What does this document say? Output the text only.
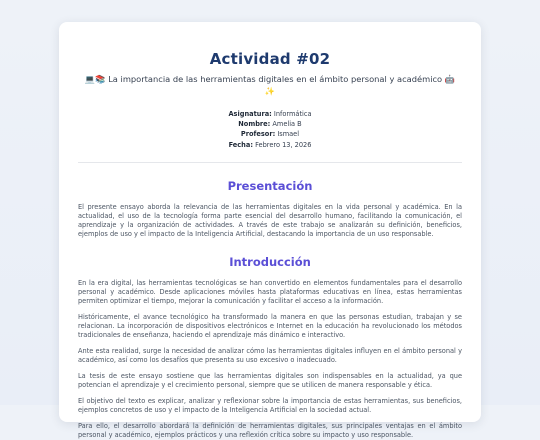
Actividad #02
💻📚 La importancia de las herramientas digitales en el ámbito personal y académico 🤖✨
Asignatura: Informática
Nombre: Amelia B
Profesor: Ismael
Fecha: Febrero 13, 2026
Presentación

El presente ensayo aborda la relevancia de las herramientas digitales en la vida personal y académica. En la actualidad, el uso de la tecnología forma parte esencial del desarrollo humano, facilitando la comunicación, el aprendizaje y la organización de actividades. A través de este trabajo se analizarán su definición, beneficios, ejemplos de uso y el impacto de la Inteligencia Artificial, destacando la importancia de un uso responsable.

Introducción

En la era digital, las herramientas tecnológicas se han convertido en elementos fundamentales para el desarrollo personal y académico. Desde aplicaciones móviles hasta plataformas educativas en línea, estas herramientas permiten optimizar el tiempo, mejorar la comunicación y facilitar el acceso a la información.

Históricamente, el avance tecnológico ha transformado la manera en que las personas estudian, trabajan y se relacionan. La incorporación de dispositivos electrónicos e Internet en la educación ha revolucionado los métodos tradicionales de enseñanza, haciendo el aprendizaje más dinámico e interactivo.

Ante esta realidad, surge la necesidad de analizar cómo las herramientas digitales influyen en el ámbito personal y académico, así como los desafíos que presenta su uso excesivo o inadecuado.

La tesis de este ensayo sostiene que las herramientas digitales son indispensables en la actualidad, ya que potencian el aprendizaje y el crecimiento personal, siempre que se utilicen de manera responsable y ética.

El objetivo del texto es explicar, analizar y reflexionar sobre la importancia de estas herramientas, sus beneficios, ejemplos concretos de uso y el impacto de la Inteligencia Artificial en la sociedad actual.

Para ello, el desarrollo abordará la definición de herramientas digitales, sus principales ventajas en el ámbito personal y académico, ejemplos prácticos y una reflexión crítica sobre su impacto y uso responsable.
